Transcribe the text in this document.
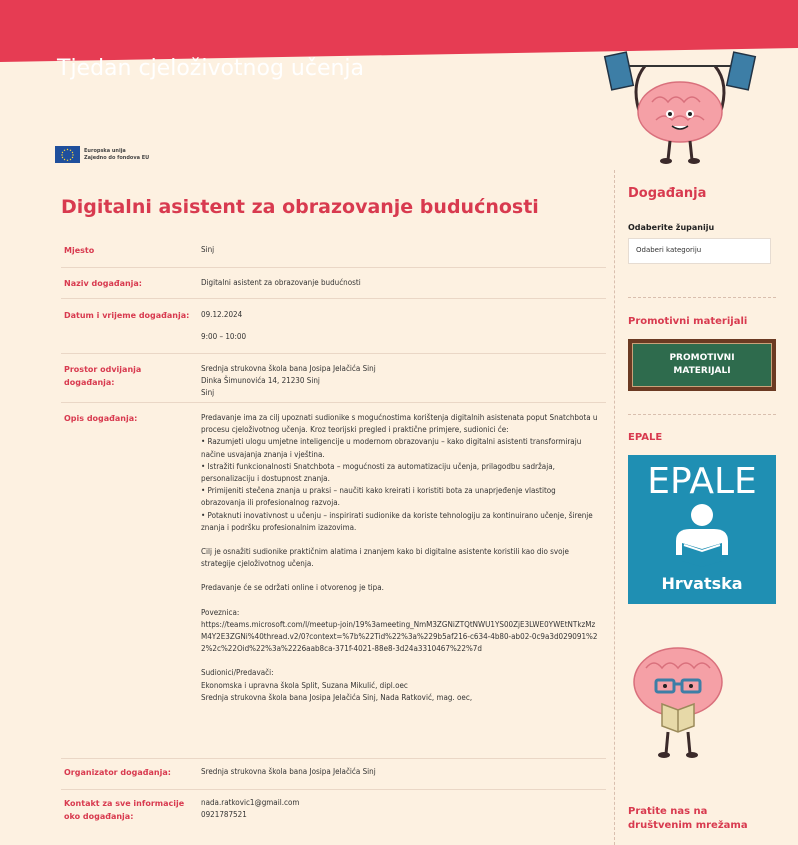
Tjedan cjeloživotnog učenja
Europska unija
Zajedno do fondova EU
Digitalni asistent za obrazovanje budućnosti
Mjesto	Sinj
Naziv događanja:	Digitalni asistent za obrazovanje budućnosti
Datum i vrijeme događanja:	09.12.2024
9:00 – 10:00
Prostor odvijanja događanja:
Srednja strukovna škola bana Josipa Jelačića Sinj
Dinka Šimunovića 14, 21230 Sinj
Sinj
Opis događanja:	Predavanje ima za cilj upoznati sudionike s mogućnostima korištenja digitalnih asistenata poput Snatchbota u procesu cjeloživotnog učenja. Kroz teorijski pregled i praktične primjere, sudionici će:
• Razumjeti ulogu umjetne inteligencije u modernom obrazovanju – kako digitalni asistenti transformiraju načine usvajanja znanja i vještina.
• Istražiti funkcionalnosti Snatchbota – mogućnosti za automatizaciju učenja, prilagodbu sadržaja, personalizaciju i dostupnost znanja.
• Primijeniti stečena znanja u praksi – naučiti kako kreirati i koristiti bota za unaprjeđenje vlastitog obrazovanja ili profesionalnog razvoja.
• Potaknuti inovativnost u učenju – inspirirati sudionike da koriste tehnologiju za kontinuirano učenje, širenje znanja i podršku profesionalnim izazovima.
Cilj je osnažiti sudionike praktičnim alatima i znanjem kako bi digitalne asistente koristili kao dio svoje strategije cjeloživotnog učenja.
Predavanje će se održati online i otvorenog je tipa.
Poveznica:
https://teams.microsoft.com/l/meetup-join/19%3ameeting_NmM3ZGNiZTQtNWU1YS00ZjE3LWE0YWEtNTkzMzM4Y2E3ZGNi%40thread.v2/0?context=%7b%22Tid%22%3a%229b5af216-c634-4b80-ab02-0c9a3d029091%22%2c%22Oid%22%3a%2226aab8ca-371f-4021-88e8-3d24a3310467%22%7d
Sudionici/Predavači:
Ekonomska i upravna škola Split, Suzana Mikulić, dipl.oec
Srednja strukovna škola bana Josipa Jelačića Sinj, Nada Ratković, mag. oec,
Organizator događanja:	Srednja strukovna škola bana Josipa Jelačića Sinj
Kontakt za sve informacije oko događanja:
nada.ratkovic1@gmail.com
0921787521
Događanja
Odaberite županiju
Odaberi kategoriju
Promotivni materijali
PROMOTIVNI
MATERIJALI
EPALE
EPALE
Hrvatska
Pratite nas na društvenim mrežama
